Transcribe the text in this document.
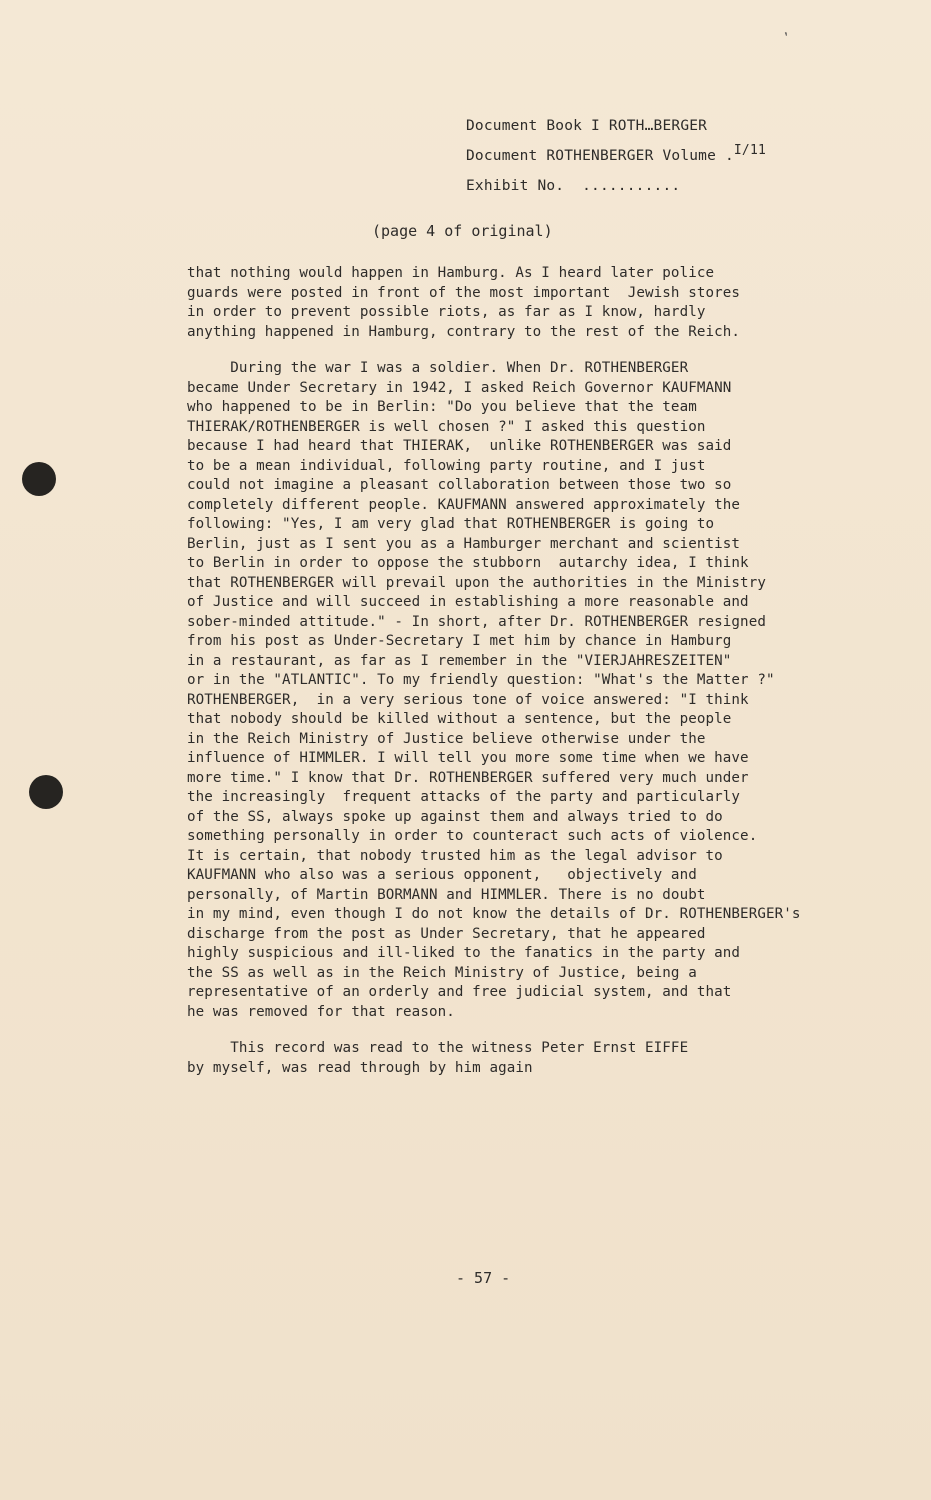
’
Document Book I ROTH…BERGER
Document ROTHENBERGER Volume .I/11
Exhibit No.  ...........
(page 4 of original)
that nothing would happen in Hamburg. As I heard later police
guards were posted in front of the most important  Jewish stores
in order to prevent possible riots, as far as I know, hardly
anything happened in Hamburg, contrary to the rest of the Reich.
During the war I was a soldier. When Dr. ROTHENBERGER
became Under Secretary in 1942, I asked Reich Governor KAUFMANN
who happened to be in Berlin: "Do you believe that the team
THIERAK/ROTHENBERGER is well chosen ?" I asked this question
because I had heard that THIERAK,  unlike ROTHENBERGER was said
to be a mean individual, following party routine, and I just
could not imagine a pleasant collaboration between those two so
completely different people. KAUFMANN answered approximately the
following: "Yes, I am very glad that ROTHENBERGER is going to
Berlin, just as I sent you as a Hamburger merchant and scientist
to Berlin in order to oppose the stubborn  autarchy idea, I think
that ROTHENBERGER will prevail upon the authorities in the Ministry
of Justice and will succeed in establishing a more reasonable and
sober-minded attitude." - In short, after Dr. ROTHENBERGER resigned
from his post as Under-Secretary I met him by chance in Hamburg
in a restaurant, as far as I remember in the "VIERJAHRESZEITEN"
or in the "ATLANTIC". To my friendly question: "What's the Matter ?"
ROTHENBERGER,  in a very serious tone of voice answered: "I think
that nobody should be killed without a sentence, but the people
in the Reich Ministry of Justice believe otherwise under the
influence of HIMMLER. I will tell you more some time when we have
more time." I know that Dr. ROTHENBERGER suffered very much under
the increasingly  frequent attacks of the party and particularly
of the SS, always spoke up against them and always tried to do
something personally in order to counteract such acts of violence.
It is certain, that nobody trusted him as the legal advisor to
KAUFMANN who also was a serious opponent,   objectively and
personally, of Martin BORMANN and HIMMLER. There is no doubt
in my mind, even though I do not know the details of Dr. ROTHENBERGER's
discharge from the post as Under Secretary, that he appeared
highly suspicious and ill-liked to the fanatics in the party and
the SS as well as in the Reich Ministry of Justice, being a
representative of an orderly and free judicial system, and that
he was removed for that reason.
This record was read to the witness Peter Ernst EIFFE
by myself, was read through by him again
- 57 -
